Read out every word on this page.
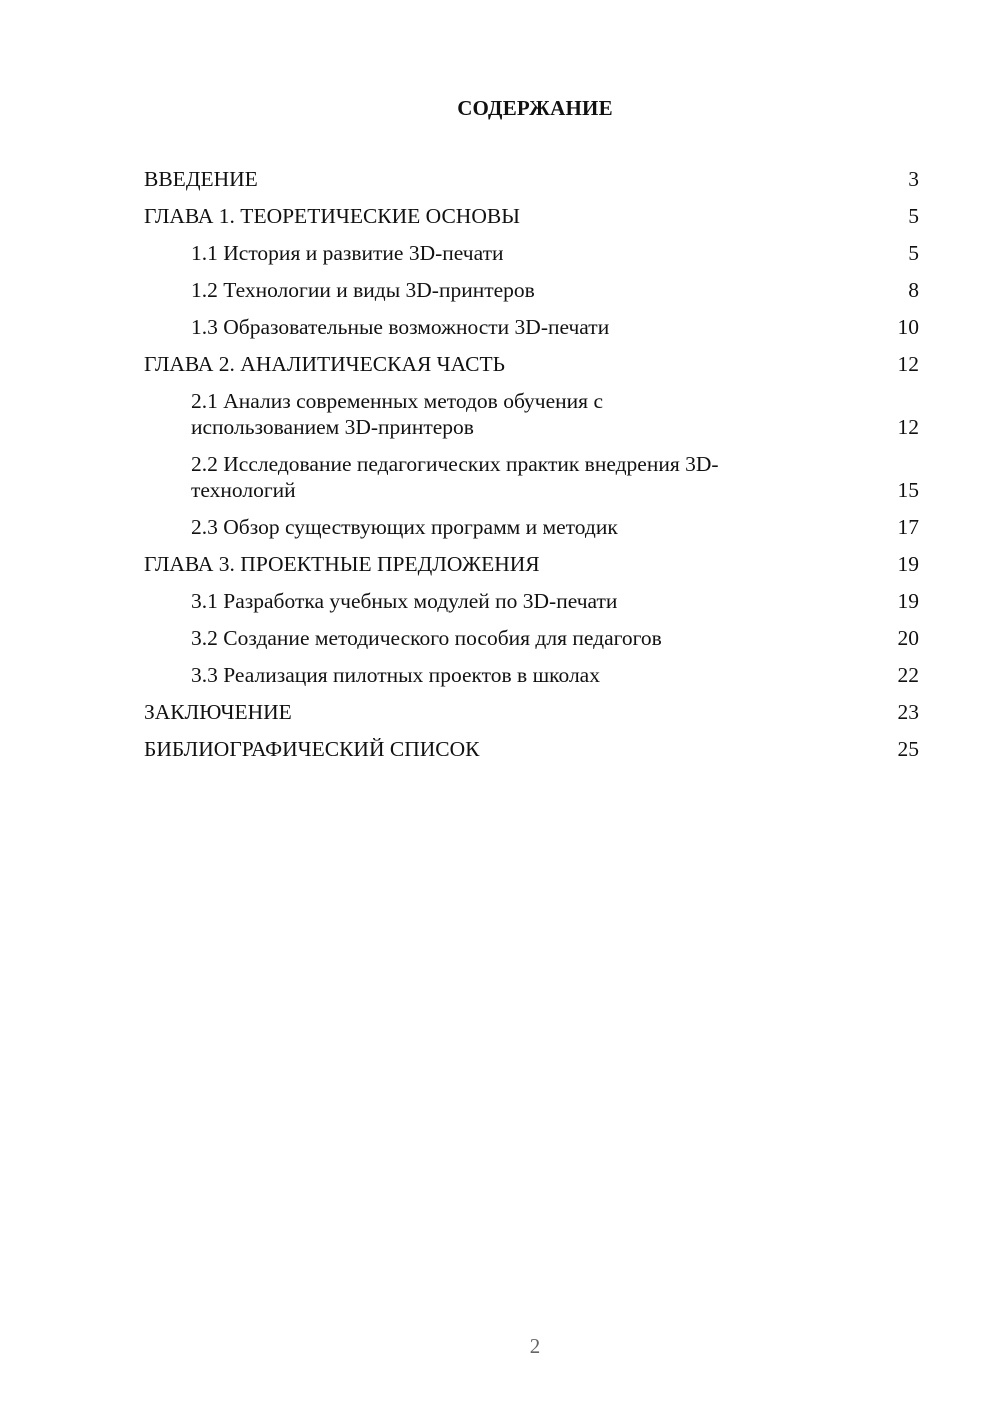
СОДЕРЖАНИЕ
ВВЕДЕНИЕ	3
ГЛАВА 1. ТЕОРЕТИЧЕСКИЕ ОСНОВЫ	5
1.1 История и развитие 3D-печати	5
1.2 Технологии и виды 3D-принтеров	8
1.3 Образовательные возможности 3D-печати	10
ГЛАВА 2. АНАЛИТИЧЕСКАЯ ЧАСТЬ	12
2.1 Анализ современных методов обучения с использованием 3D-принтеров	12
2.2 Исследование педагогических практик внедрения 3D-технологий	15
2.3 Обзор существующих программ и методик	17
ГЛАВА 3. ПРОЕКТНЫЕ ПРЕДЛОЖЕНИЯ	19
3.1 Разработка учебных модулей по 3D-печати	19
3.2 Создание методического пособия для педагогов	20
3.3 Реализация пилотных проектов в школах	22
ЗАКЛЮЧЕНИЕ	23
БИБЛИОГРАФИЧЕСКИЙ СПИСОК	25
2
